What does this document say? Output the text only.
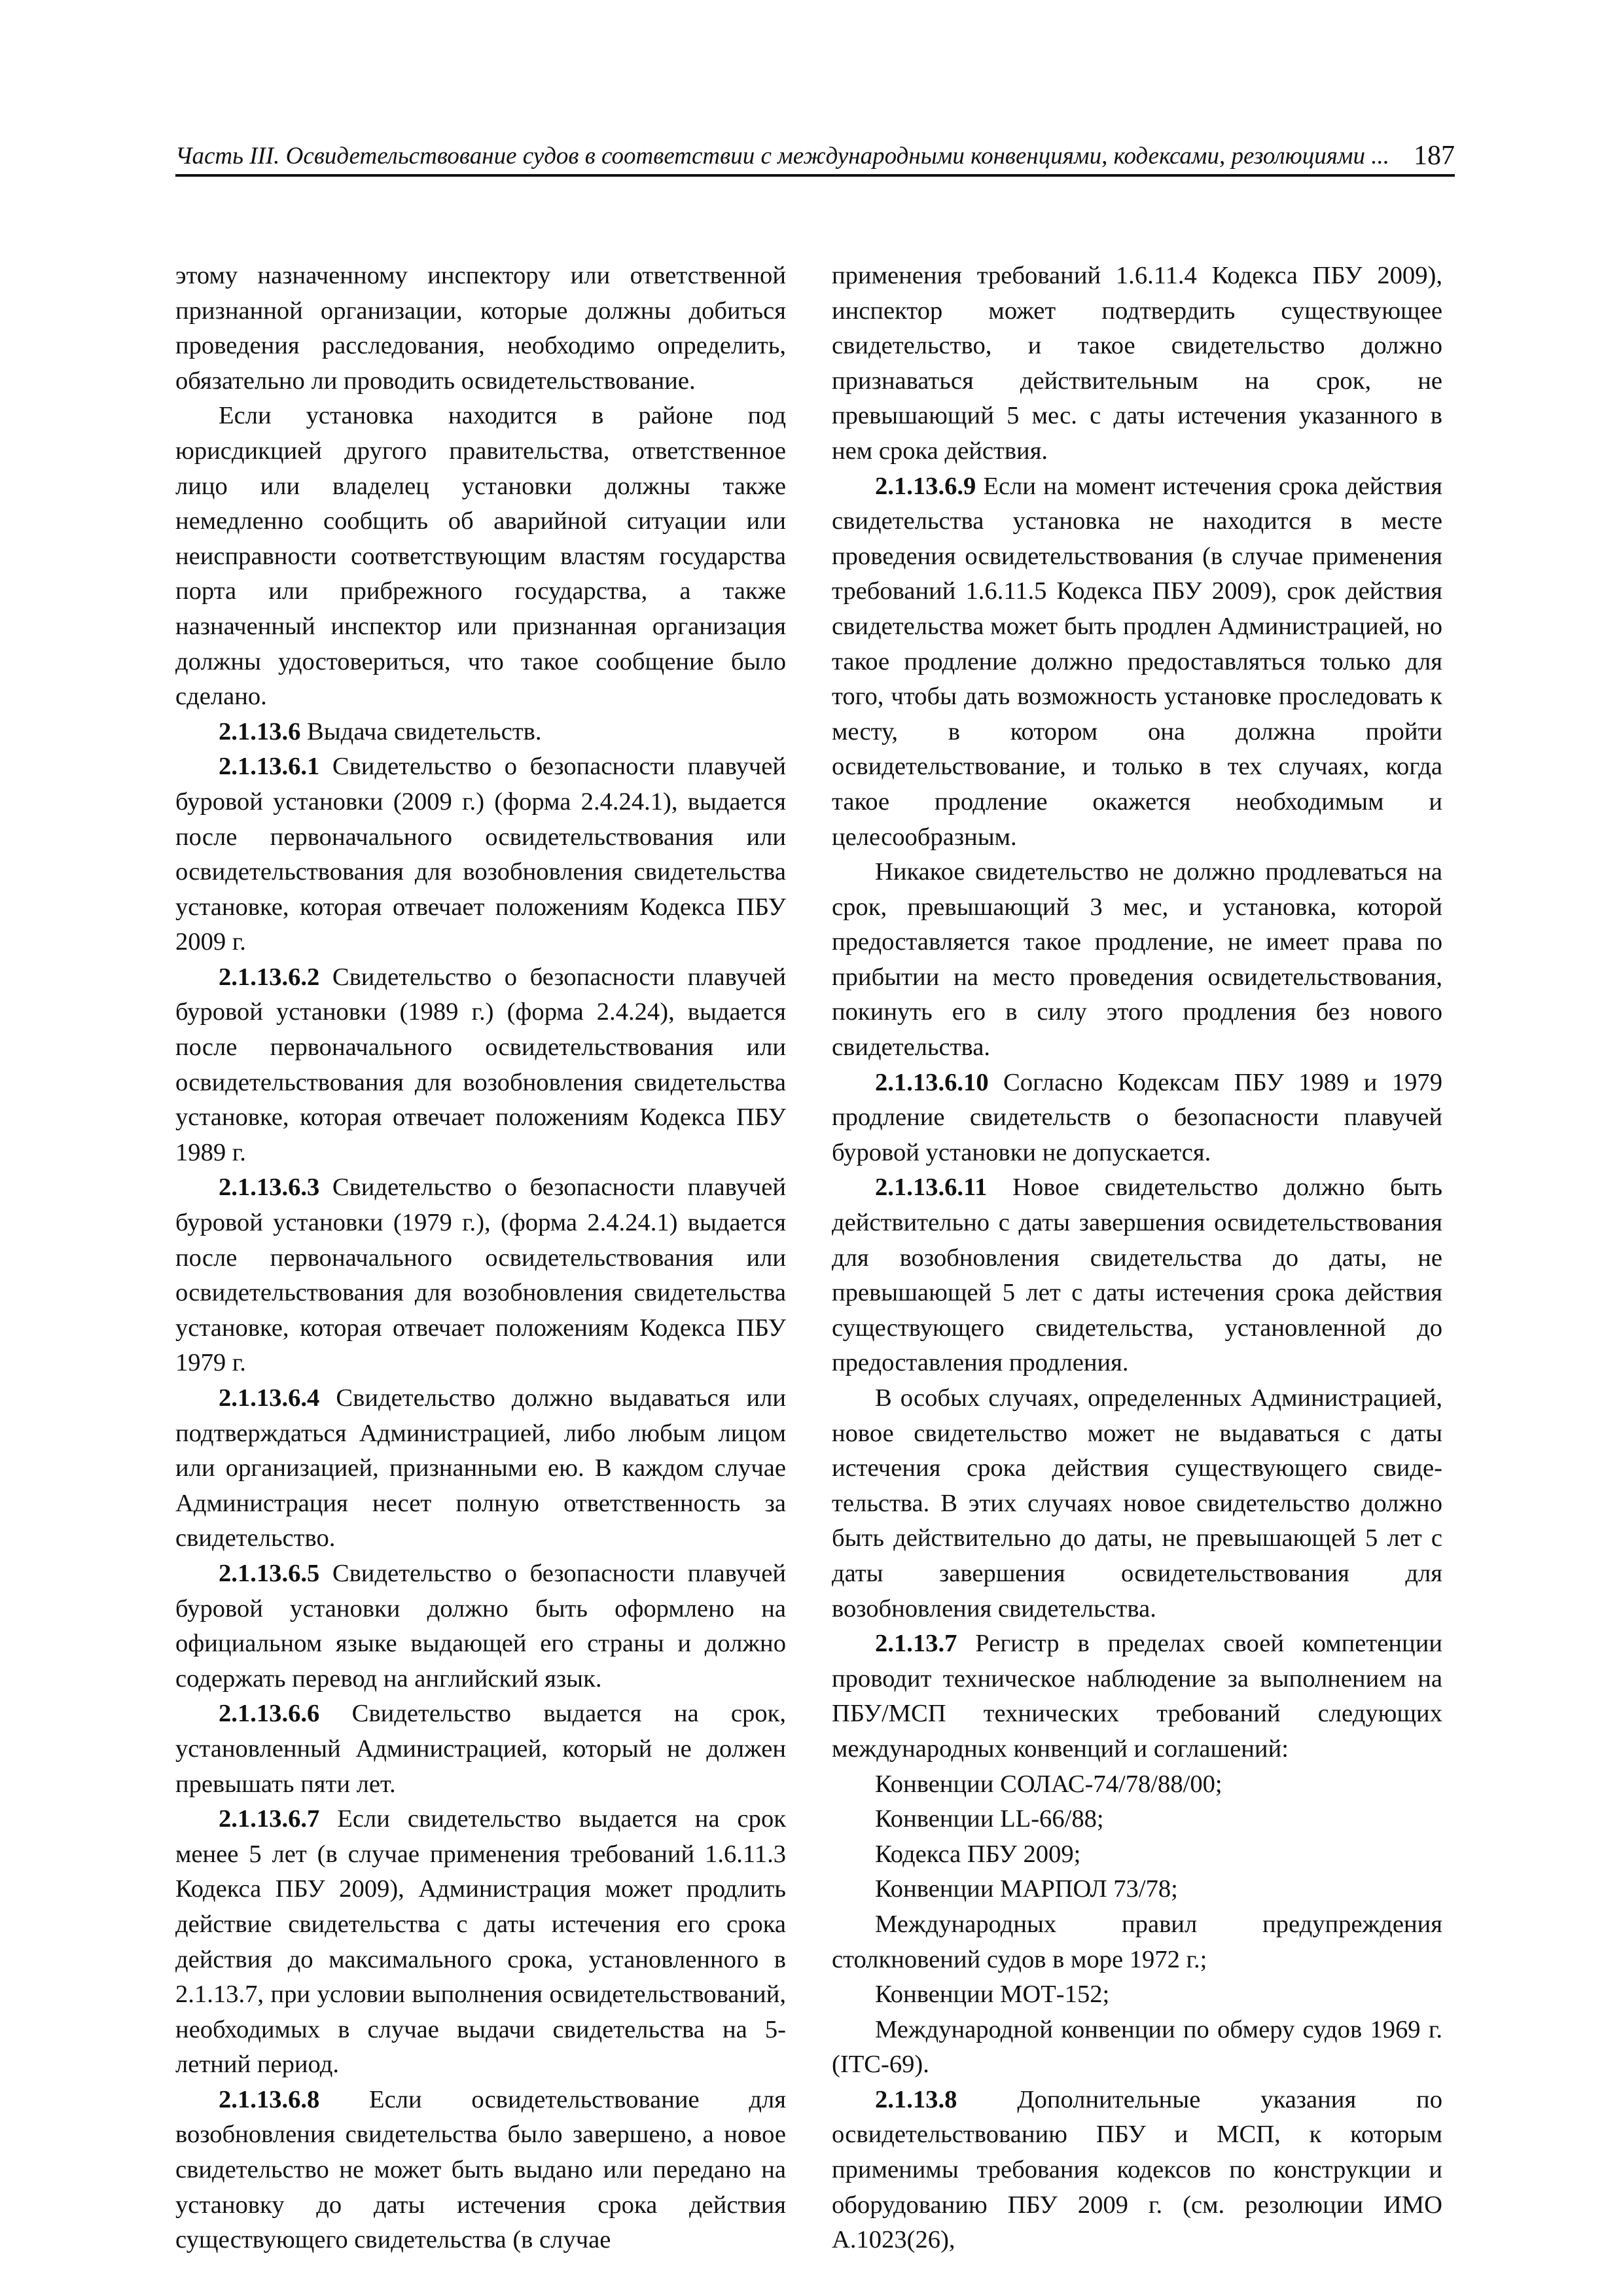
Часть III. Освидетельствование судов в соответствии с международными конвенциями, кодексами, резолюциями ... 187

этому назначенному инспектору или ответственной признанной организации, которые должны добиться проведения расследования, необходимо определить, обязательно ли проводить освидетельствование.

Если установка находится в районе под юрисдикцией другого правительства, ответственное лицо или владелец установки должны также немедленно сообщить об аварийной ситуации или неисправности соответствующим властям государства порта или прибрежного государства, а также назначенный инспектор или признанная организация должны удостовериться, что такое сообщение было сделано.

2.1.13.6 Выдача свидетельств.

2.1.13.6.1 Свидетельство о безопасности плавучей буровой установки (2009 г.) (форма 2.4.24.1), выдается после первоначального освидетельствования или освидетельствования для возобновления свидетельства установке, которая отвечает положениям Кодекса ПБУ 2009 г.

2.1.13.6.2 Свидетельство о безопасности плавучей буровой установки (1989 г.) (форма 2.4.24), выдается после первоначального освидетельствования или освидетельствования для возобновления свидетельства установке, которая отвечает положениям Кодекса ПБУ 1989 г.

2.1.13.6.3 Свидетельство о безопасности плавучей буровой установки (1979 г.), (форма 2.4.24.1) выдается после первоначального освидетельствования или освидетельствования для возобновления свидетельства установке, которая отвечает положениям Кодекса ПБУ 1979 г.

2.1.13.6.4 Свидетельство должно выдаваться или подтверждаться Администрацией, либо любым лицом или организацией, признанными ею. В каждом случае Администрация несет полную ответственность за свидетельство.

2.1.13.6.5 Свидетельство о безопасности плавучей буровой установки должно быть оформлено на официальном языке выдающей его страны и должно содержать перевод на английский язык.

2.1.13.6.6 Свидетельство выдается на срок, установленный Администрацией, который не должен превышать пяти лет.

2.1.13.6.7 Если свидетельство выдается на срок менее 5 лет (в случае применения требований 1.6.11.3 Кодекса ПБУ 2009), Администрация может продлить действие свидетельства с даты истечения его срока действия до максимального срока, установленного в 2.1.13.7, при условии выполнения освидетельствований, необходимых в случае выдачи свидетельства на 5-летний период.

2.1.13.6.8 Если освидетельствование для возобновления свидетельства было завершено, а новое свидетельство не может быть выдано или передано на установку до даты истечения срока действия существующего свидетельства (в случае

применения требований 1.6.11.4 Кодекса ПБУ 2009), инспектор может подтвердить существующее свидетельство, и такое свидетельство должно признаваться действительным на срок, не превышающий 5 мес. с даты истечения указанного в нем срока действия.

2.1.13.6.9 Если на момент истечения срока действия свидетельства установка не находится в месте проведения освидетельствования (в случае применения требований 1.6.11.5 Кодекса ПБУ 2009), срок действия свидетельства может быть продлен Администрацией, но такое продление должно предоставляться только для того, чтобы дать возможность установке проследовать к месту, в котором она должна пройти освидетельствование, и только в тех случаях, когда такое продление окажется необходимым и целесообразным.

Никакое свидетельство не должно продлеваться на срок, превышающий 3 мес, и установка, которой предоставляется такое продление, не имеет права по прибытии на место проведения освидетельствования, покинуть его в силу этого продления без нового свидетельства.

2.1.13.6.10 Согласно Кодексам ПБУ 1989 и 1979 продление свидетельств о безопасности плавучей буровой установки не допускается.

2.1.13.6.11 Новое свидетельство должно быть действительно с даты завершения освидетельствования для возобновления свидетельства до даты, не превышающей 5 лет с даты истечения срока действия существующего свидетельства, установленной до предоставления продления.

В особых случаях, определенных Администрацией, новое свидетельство может не выдаваться с даты истечения срока действия существующего свиде-тельства. В этих случаях новое свидетельство должно быть действительно до даты, не превышающей 5 лет с даты завершения освидетельствования для возобновления свидетельства.

2.1.13.7 Регистр в пределах своей компетенции проводит техническое наблюдение за выполнением на ПБУ/МСП технических требований следующих международных конвенций и соглашений:

Конвенции СОЛАС-74/78/88/00;

Конвенции LL-66/88;

Кодекса ПБУ 2009;

Конвенции МАРПОЛ 73/78;

Международных правил предупреждения столкновений судов в море 1972 г.;

Конвенции МОТ-152;

Международной конвенции по обмеру судов 1969 г. (ITC-69).

2.1.13.8 Дополнительные указания по освидетельствованию ПБУ и МСП, к которым применимы требования кодексов по конструкции и оборудованию ПБУ 2009 г. (см. резолюции ИМО А.1023(26),
